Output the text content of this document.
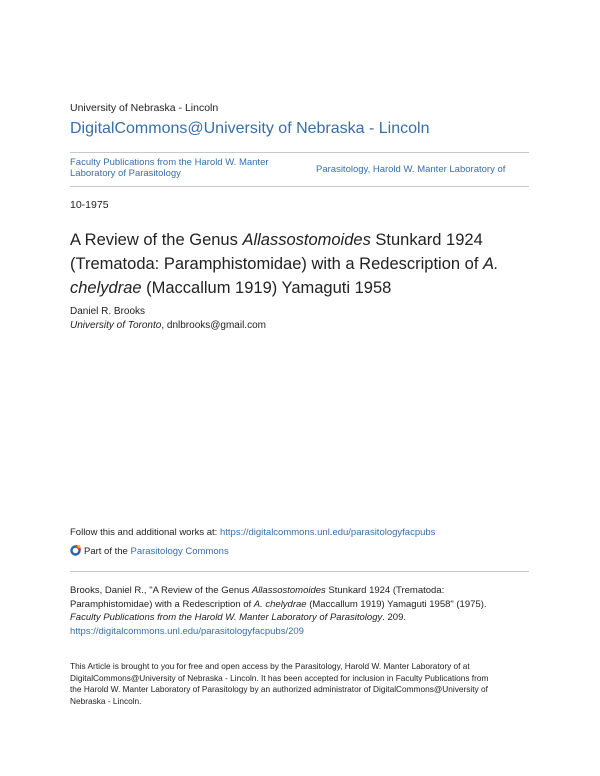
University of Nebraska - Lincoln
DigitalCommons@University of Nebraska - Lincoln
Faculty Publications from the Harold W. Manter
Laboratory of Parasitology	Parasitology, Harold W. Manter Laboratory of
10-1975
A Review of the Genus Allassostomoides Stunkard 1924
(Trematoda: Paramphistomidae) with a Redescription of A.
chelydrae (Maccallum 1919) Yamaguti 1958
Daniel R. Brooks
University of Toronto, dnlbrooks@gmail.com
Follow this and additional works at: https://digitalcommons.unl.edu/parasitologyfacpubs
Part of the Parasitology Commons
Brooks, Daniel R., "A Review of the Genus Allassostomoides Stunkard 1924 (Trematoda:
Paramphistomidae) with a Redescription of A. chelydrae (Maccallum 1919) Yamaguti 1958" (1975).
Faculty Publications from the Harold W. Manter Laboratory of Parasitology. 209.
https://digitalcommons.unl.edu/parasitologyfacpubs/209
This Article is brought to you for free and open access by the Parasitology, Harold W. Manter Laboratory of at
DigitalCommons@University of Nebraska - Lincoln. It has been accepted for inclusion in Faculty Publications from
the Harold W. Manter Laboratory of Parasitology by an authorized administrator of DigitalCommons@University of
Nebraska - Lincoln.
